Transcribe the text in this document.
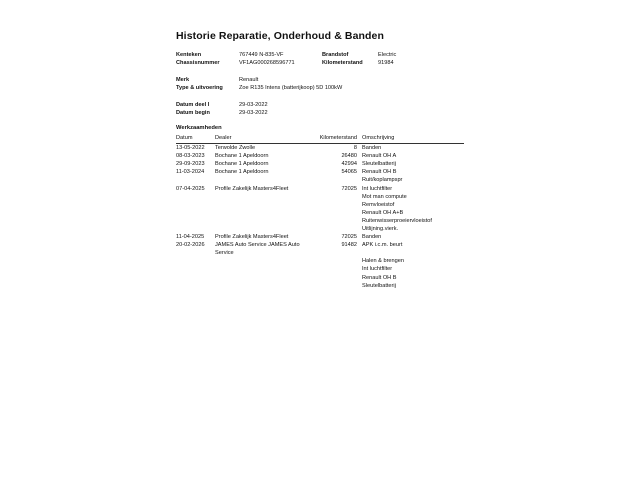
Historie Reparatie, Onderhoud & Banden
Kenteken	767449 N-835-VF	Brandstof	Electric
Chassisnummer	VF1AG000268596771	Kilometerstand	91984
Merk	Renault
Type & uitvoering	Zoe R135 Intens (batterijkoop) 5D 100kW
Datum deel I	29-03-2022
Datum begin	29-03-2022
Werkzaamheden
Datum	Dealer	Kilometerstand Omschrijving
13-05-2022 Terwolde Zwolle	8 Banden
08-03-2023 Bochane 1 Apeldoorn	26480 Renault OH A
29-09-2023 Bochane 1 Apeldoorn	42994 Sleutelbatterij
11-03-2024 Bochane 1 Apeldoorn	54065 Renault OH B
Ruit/koplampspr
07-04-2025 Profile Zakelijk Masters4Fleet	72025 Int luchtfilter
Mot man compute
Remvloeistof
Renault OH A+B
Ruitenwisserproeiervloeistof
Uitlijning.vierk.
11-04-2025 Profile Zakelijk Masters4Fleet	72025 Banden
20-02-2026 JAMES Auto Service JAMES Auto
Service
91482 APK i.c.m. beurt
Halen & brengen
Int luchtfilter
Renault OH B
Sleutelbatterij
